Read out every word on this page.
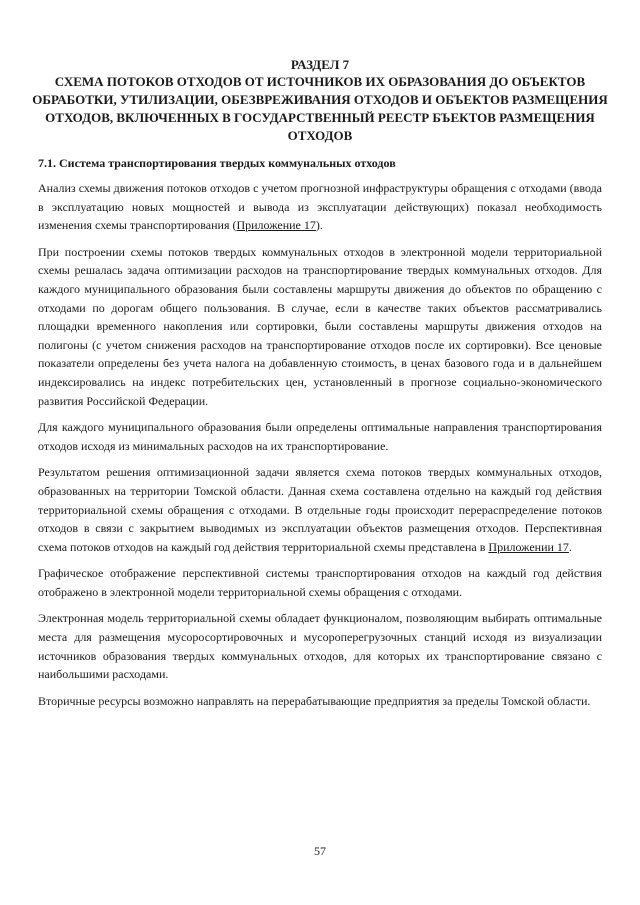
РАЗДЕЛ 7

СХЕМА ПОТОКОВ ОТХОДОВ ОТ ИСТОЧНИКОВ ИХ ОБРАЗОВАНИЯ ДО ОБЪЕКТОВ ОБРАБОТКИ, УТИЛИЗАЦИИ, ОБЕЗВРЕЖИВАНИЯ ОТХОДОВ И ОБЪЕКТОВ РАЗМЕЩЕНИЯ ОТХОДОВ, ВКЛЮЧЕННЫХ В ГОСУДАРСТВЕННЫЙ РЕЕСТР БЪЕКТОВ РАЗМЕЩЕНИЯ ОТХОДОВ

7.1. Система транспортирования твердых коммунальных отходов

Анализ схемы движения потоков отходов с учетом прогнозной инфраструктуры обращения с отходами (ввода в эксплуатацию новых мощностей и вывода из эксплуатации действующих) показал необходимость изменения схемы транспортирования (Приложение 17).

При построении схемы потоков твердых коммунальных отходов в электронной модели территориальной схемы решалась задача оптимизации расходов на транспортирование твердых коммунальных отходов. Для каждого муниципального образования были составлены маршруты движения до объектов по обращению с отходами по дорогам общего пользования. В случае, если в качестве таких объектов рассматривались площадки временного накопления или сортировки, были составлены маршруты движения отходов на полигоны (с учетом снижения расходов на транспортирование отходов после их сортировки). Все ценовые показатели определены без учета налога на добавленную стоимость, в ценах базового года и в дальнейшем индексировались на индекс потребительских цен, установленный в прогнозе социально-экономического развития Российской Федерации.

Для каждого муниципального образования были определены оптимальные направления транспортирования отходов исходя из минимальных расходов на их транспортирование.

Результатом решения оптимизационной задачи является схема потоков твердых коммунальных отходов, образованных на территории Томской области. Данная схема составлена отдельно на каждый год действия территориальной схемы обращения с отходами. В отдельные годы происходит перераспределение потоков отходов в связи с закрытием выводимых из эксплуатации объектов размещения отходов. Перспективная схема потоков отходов на каждый год действия территориальной схемы представлена в Приложении 17.

Графическое отображение перспективной системы транспортирования отходов на каждый год действия отображено в электронной модели территориальной схемы обращения с отходами.

Электронная модель территориальной схемы обладает функционалом, позволяющим выбирать оптимальные места для размещения мусоросортировочных и мусороперегрузочных станций исходя из визуализации источников образования твердых коммунальных отходов, для которых их транспортирование связано с наибольшими расходами.

Вторичные ресурсы возможно направлять на перерабатывающие предприятия за пределы Томской области.

57
